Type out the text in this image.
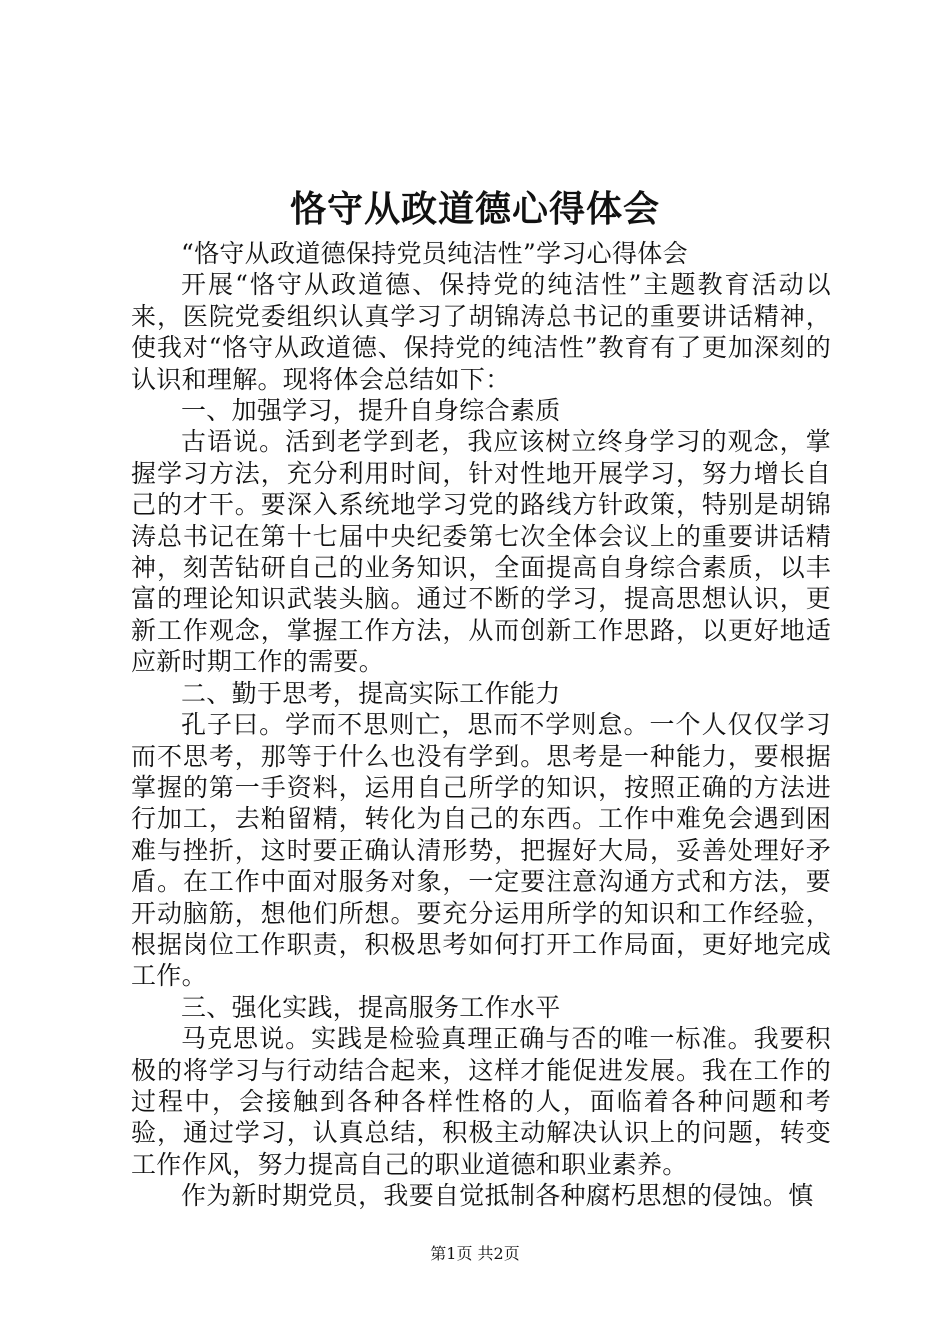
恪守从政道德心得体会

“恪守从政道德保持党员纯洁性”学习心得体会

开展“恪守从政道德、保持党的纯洁性”主题教育活动以来，医院党委组织认真学习了胡锦涛总书记的重要讲话精神，使我对“恪守从政道德、保持党的纯洁性”教育有了更加深刻的认识和理解。现将体会总结如下：

一、加强学习，提升自身综合素质

古语说。活到老学到老，我应该树立终身学习的观念，掌握学习方法，充分利用时间，针对性地开展学习，努力增长自己的才干。要深入系统地学习党的路线方针政策，特别是胡锦涛总书记在第十七届中央纪委第七次全体会议上的重要讲话精神，刻苦钻研自己的业务知识，全面提高自身综合素质，以丰富的理论知识武装头脑。通过不断的学习，提高思想认识，更新工作观念，掌握工作方法，从而创新工作思路，以更好地适应新时期工作的需要。

二、勤于思考，提高实际工作能力

孔子曰。学而不思则亡，思而不学则怠。一个人仅仅学习而不思考，那等于什么也没有学到。思考是一种能力，要根据掌握的第一手资料，运用自己所学的知识，按照正确的方法进行加工，去粕留精，转化为自己的东西。工作中难免会遇到困难与挫折，这时要正确认清形势，把握好大局，妥善处理好矛盾。在工作中面对服务对象，一定要注意沟通方式和方法，要开动脑筋，想他们所想。要充分运用所学的知识和工作经验，根据岗位工作职责，积极思考如何打开工作局面，更好地完成工作。

三、强化实践，提高服务工作水平

马克思说。实践是检验真理正确与否的唯一标准。我要积极的将学习与行动结合起来，这样才能促进发展。我在工作的过程中，会接触到各种各样性格的人，面临着各种问题和考验，通过学习，认真总结，积极主动解决认识上的问题，转变工作作风，努力提高自己的职业道德和职业素养。

作为新时期党员，我要自觉抵制各种腐朽思想的侵蚀。慎

第1页 共2页
